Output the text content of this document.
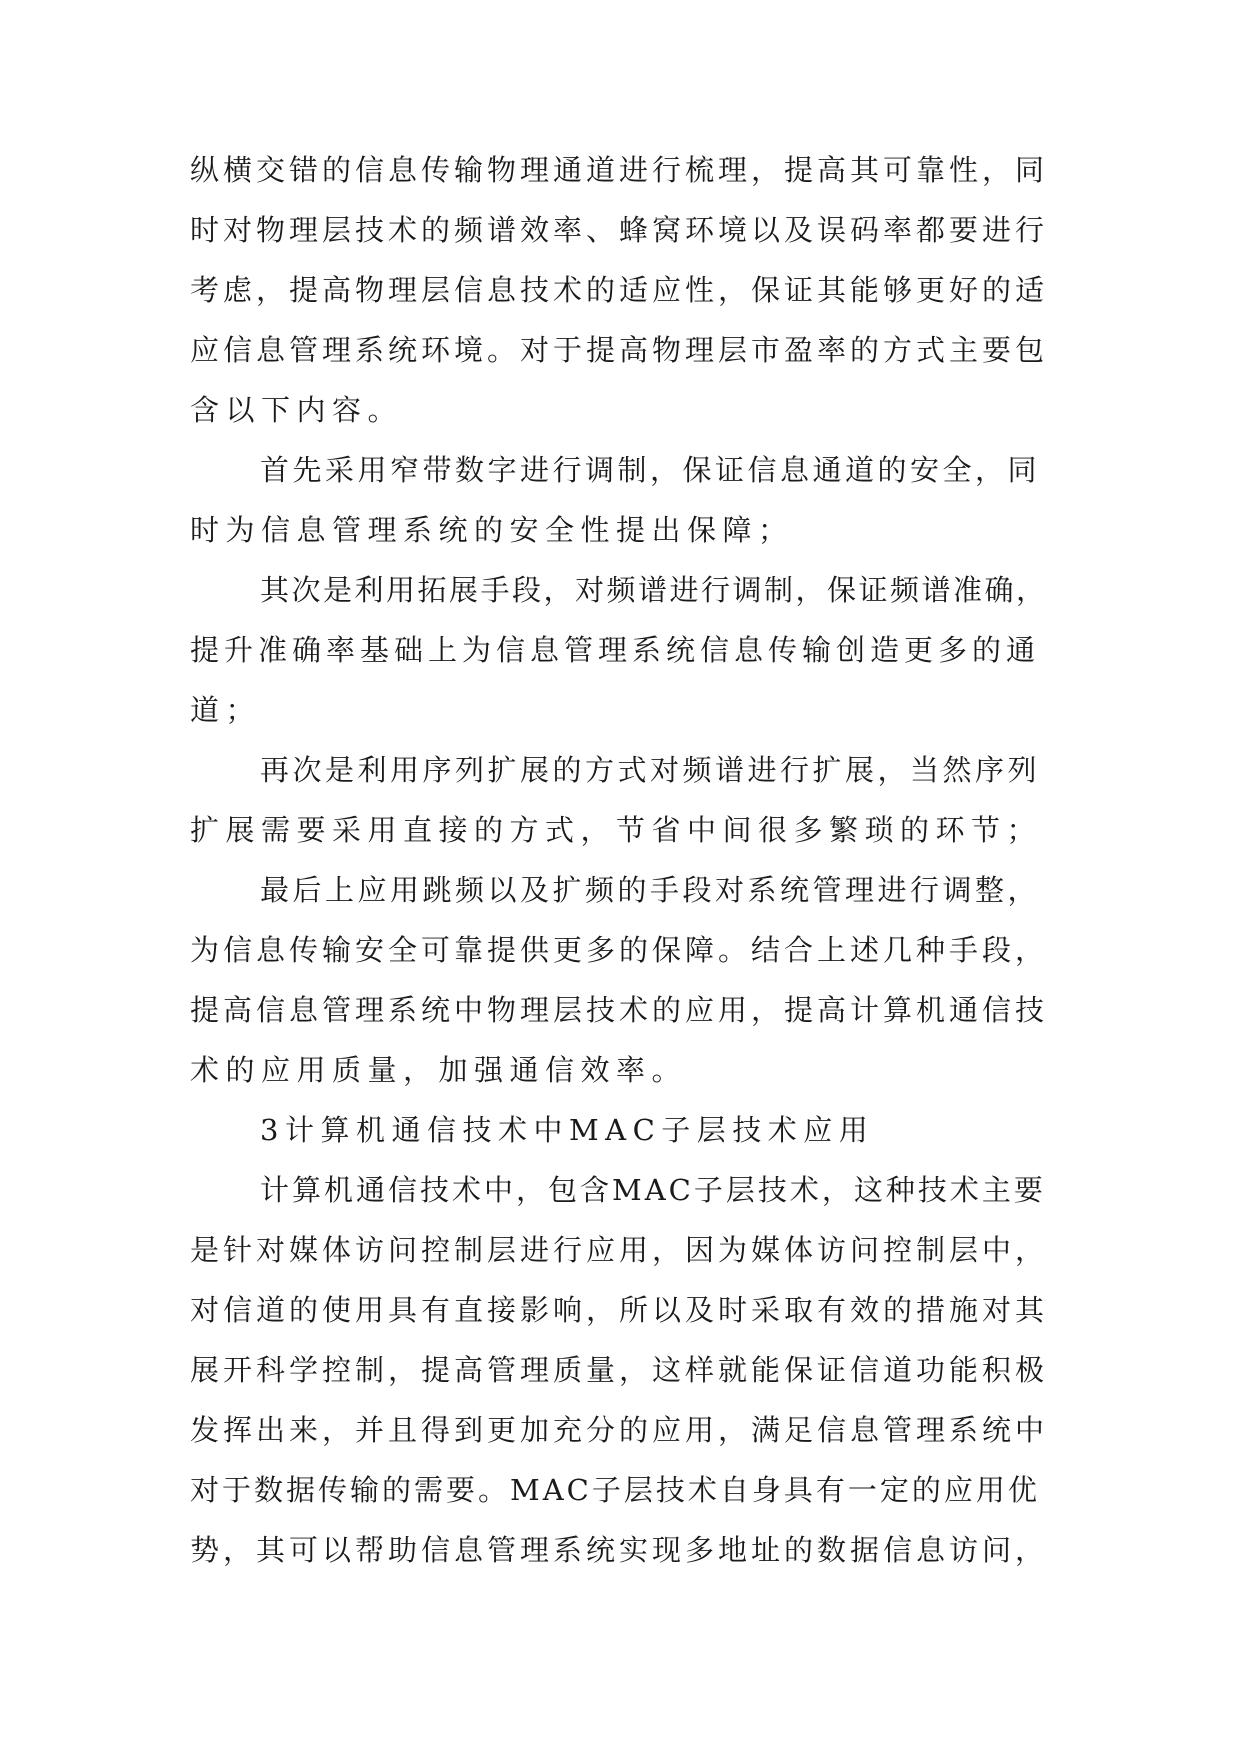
纵横交错的信息传输物理通道进行梳理，提高其可靠性，同
时对物理层技术的频谱效率、蜂窝环境以及误码率都要进行
考虑，提高物理层信息技术的适应性，保证其能够更好的适
应信息管理系统环境。对于提高物理层市盈率的方式主要包
含以下内容。
首先采用窄带数字进行调制，保证信息通道的安全，同
时为信息管理系统的安全性提出保障；
其次是利用拓展手段，对频谱进行调制，保证频谱准确，
提升准确率基础上为信息管理系统信息传输创造更多的通
道；
再次是利用序列扩展的方式对频谱进行扩展，当然序列
扩展需要采用直接的方式，节省中间很多繁琐的环节；
最后上应用跳频以及扩频的手段对系统管理进行调整，
为信息传输安全可靠提供更多的保障。结合上述几种手段，
提高信息管理系统中物理层技术的应用，提高计算机通信技
术的应用质量，加强通信效率。
3计算机通信技术中MAC子层技术应用
计算机通信技术中，包含MAC子层技术，这种技术主要
是针对媒体访问控制层进行应用，因为媒体访问控制层中，
对信道的使用具有直接影响，所以及时采取有效的措施对其
展开科学控制，提高管理质量，这样就能保证信道功能积极
发挥出来，并且得到更加充分的应用，满足信息管理系统中
对于数据传输的需要。MAC子层技术自身具有一定的应用优
势，其可以帮助信息管理系统实现多地址的数据信息访问，
